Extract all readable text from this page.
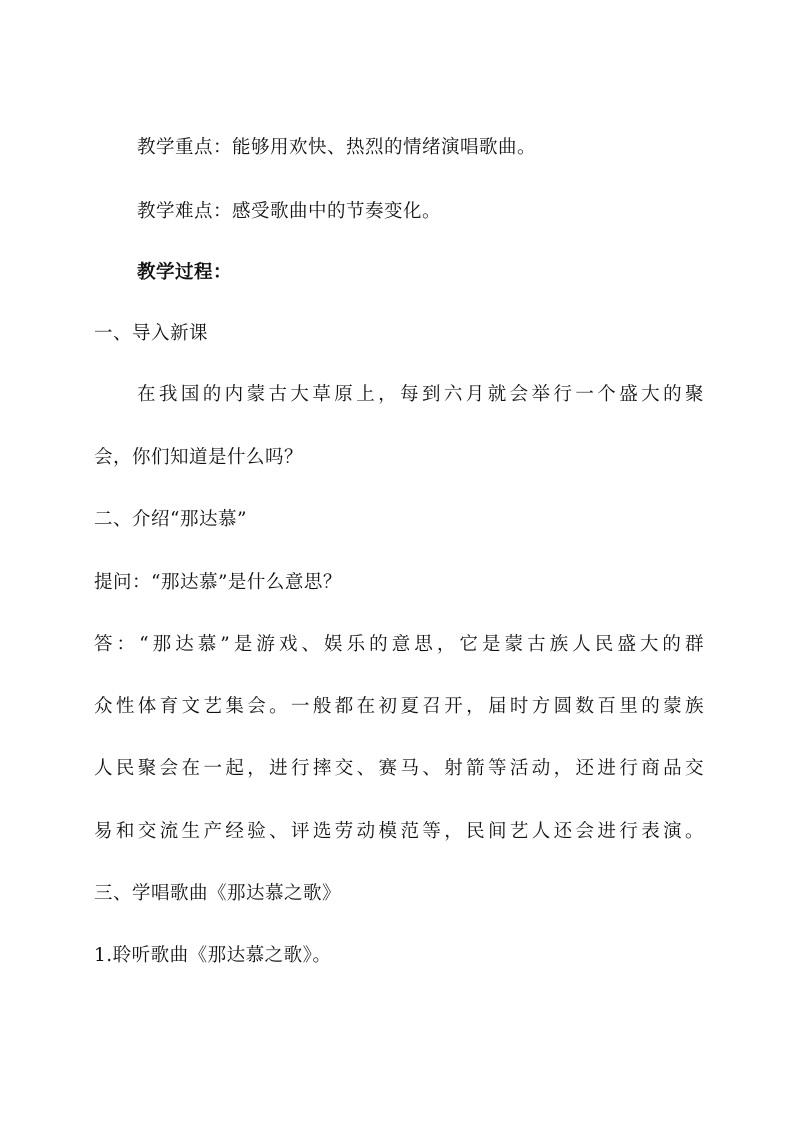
教学重点：能够用欢快、热烈的情绪演唱歌曲。
教学难点：感受歌曲中的节奏变化。
教学过程：
一、导入新课
在我国的内蒙古大草原上，每到六月就会举行一个盛大的聚
会，你们知道是什么吗？
二、介绍“那达慕”
提问：“那达慕”是什么意思？
答：“那达慕”是游戏、娱乐的意思，它是蒙古族人民盛大的群
众性体育文艺集会。一般都在初夏召开，届时方圆数百里的蒙族
人民聚会在一起，进行摔交、赛马、射箭等活动，还进行商品交
易和交流生产经验、评选劳动模范等，民间艺人还会进行表演。
三、学唱歌曲《那达慕之歌》
1.聆听歌曲《那达慕之歌》。
